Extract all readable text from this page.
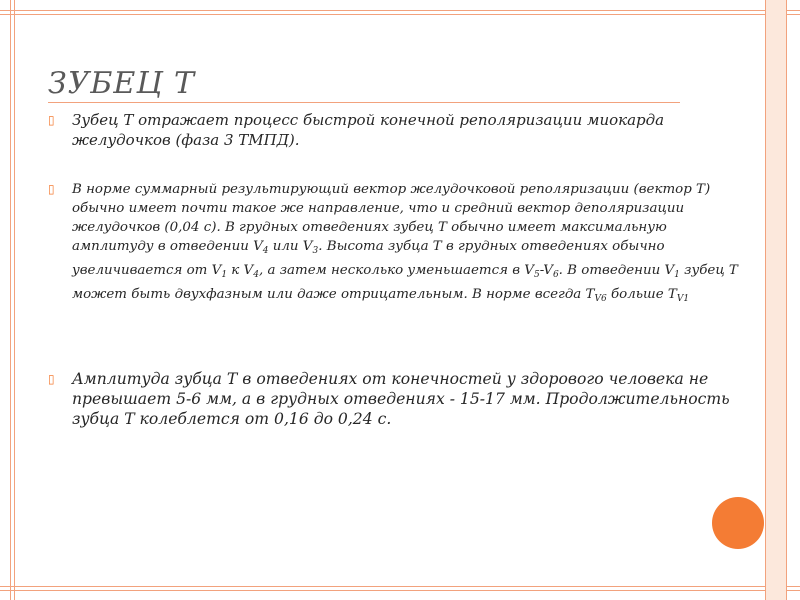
ЗУБЕЦ Т
▯ Зубец Т отражает процесс быстрой конечной реполяризации миокарда желудочков (фаза 3 ТМПД).
▯ В норме суммарный результирующий вектор желудочковой реполяризации (вектор Т) обычно имеет почти такое же направление, что и средний вектор деполяризации желудочков (0,04 с). В грудных отведениях зубец Т обычно имеет максимальную амплитуду в отведении $V_4$ или $V_3$. Высота зубца Т в грудных отведениях обычно увеличивается от $V_1$ к $V_4$, а затем несколько уменьшается в $V_5-V_6$. В отведении $V_1$ зубец Т может быть двухфазным или даже отрицательным. В норме всегда $Т_{V6}$ больше $Т_{V1}$
▯ Амплитуда зубца Т в отведениях от конечностей у здорового человека не превышает 5-6 мм, а в грудных отведениях - 15-17 мм. Продолжительность зубца Т колеблется от 0,16 до 0,24 с.
